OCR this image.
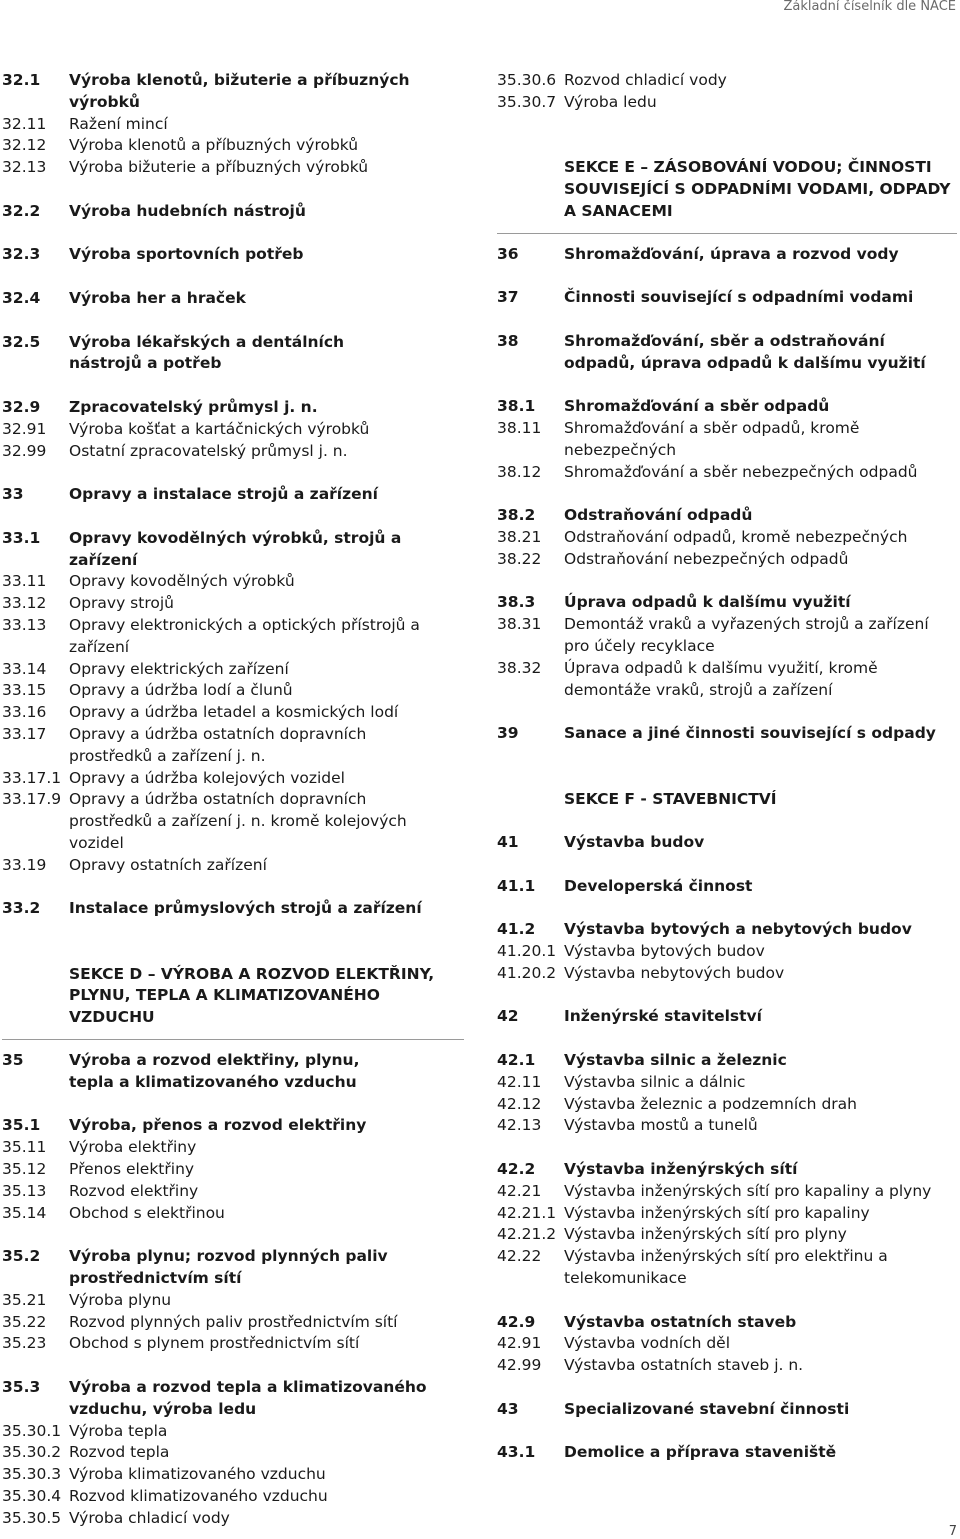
Základní číselník dle NACE
32.1	Výroba klenotů, bižuterie a příbuzných výrobků
32.11	Ražení mincí
32.12	Výroba klenotů a příbuzných výrobků
32.13	Výroba bižuterie a příbuzných výrobků
32.2	Výroba hudebních nástrojů
32.3	Výroba sportovních potřeb
32.4	Výroba her a hraček
32.5	Výroba lékařských a dentálních nástrojů a potřeb
32.9	Zpracovatelský průmysl j. n.
32.91	Výroba košťat a kartáčnických výrobků
32.99	Ostatní zpracovatelský průmysl j. n.
33	Opravy a instalace strojů a zařízení
33.1	Opravy kovodělných výrobků, strojů a zařízení
33.11	Opravy kovodělných výrobků
33.12	Opravy strojů
33.13	Opravy elektronických a optických přístrojů a zařízení
33.14	Opravy elektrických zařízení
33.15	Opravy a údržba lodí a člunů
33.16	Opravy a údržba letadel a kosmických lodí
33.17	Opravy a údržba ostatních dopravních prostředků a zařízení j. n.
33.17.1 Opravy a údržba kolejových vozidel
33.17.9 Opravy a údržba ostatních dopravních prostředků a zařízení j. n. kromě kolejových vozidel
33.19	Opravy ostatních zařízení
33.2	Instalace průmyslových strojů a zařízení
SEKCE D – VÝROBA A ROZVOD ELEKTŘINY, PLYNU, TEPLA A KLIMATIZOVANÉHO VZDUCHU
35	Výroba a rozvod elektřiny, plynu, tepla a klimatizovaného vzduchu
35.1	Výroba, přenos a rozvod elektřiny
35.11	Výroba elektřiny
35.12	Přenos elektřiny
35.13	Rozvod elektřiny
35.14	Obchod s elektřinou
35.2	Výroba plynu; rozvod plynných paliv prostřednictvím sítí
35.21	Výroba plynu
35.22	Rozvod plynných paliv prostřednictvím sítí
35.23	Obchod s plynem prostřednictvím sítí
35.3	Výroba a rozvod tepla a klimatizovaného vzduchu, výroba ledu
35.30.1 Výroba tepla
35.30.2 Rozvod tepla
35.30.3 Výroba klimatizovaného vzduchu
35.30.4 Rozvod klimatizovaného vzduchu
35.30.5 Výroba chladicí vody
35.30.6 Rozvod chladicí vody
35.30.7 Výroba ledu
SEKCE E – ZÁSOBOVÁNÍ VODOU; ČINNOSTI SOUVISEJÍCÍ S ODPADNÍMI VODAMI, ODPADY A SANACEMI
36	Shromažďování, úprava a rozvod vody
37	Činnosti související s odpadními vodami
38	Shromažďování, sběr a odstraňování odpadů, úprava odpadů k dalšímu využití
38.1	Shromažďování a sběr odpadů
38.11	Shromažďování a sběr odpadů, kromě nebezpečných
38.12	Shromažďování a sběr nebezpečných odpadů
38.2	Odstraňování odpadů
38.21	Odstraňování odpadů, kromě nebezpečných
38.22	Odstraňování nebezpečných odpadů
38.3	Úprava odpadů k dalšímu využití
38.31	Demontáž vraků a vyřazených strojů a zařízení pro účely recyklace
38.32	Úprava odpadů k dalšímu využití, kromě demontáže vraků, strojů a zařízení
39	Sanace a jiné činnosti související s odpady
SEKCE F - STAVEBNICTVÍ
41	Výstavba budov
41.1	Developerská činnost
41.2	Výstavba bytových a nebytových budov
41.20.1 Výstavba bytových budov
41.20.2 Výstavba nebytových budov
42	Inženýrské stavitelství
42.1	Výstavba silnic a železnic
42.11	Výstavba silnic a dálnic
42.12	Výstavba železnic a podzemních drah
42.13	Výstavba mostů a tunelů
42.2	Výstavba inženýrských sítí
42.21	Výstavba inženýrských sítí pro kapaliny a plyny
42.21.1 Výstavba inženýrských sítí pro kapaliny
42.21.2 Výstavba inženýrských sítí pro plyny
42.22	Výstavba inženýrských sítí pro elektřinu a telekomunikace
42.9	Výstavba ostatních staveb
42.91	Výstavba vodních děl
42.99	Výstavba ostatních staveb j. n.
43	Specializované stavební činnosti
43.1	Demolice a příprava staveniště
7
